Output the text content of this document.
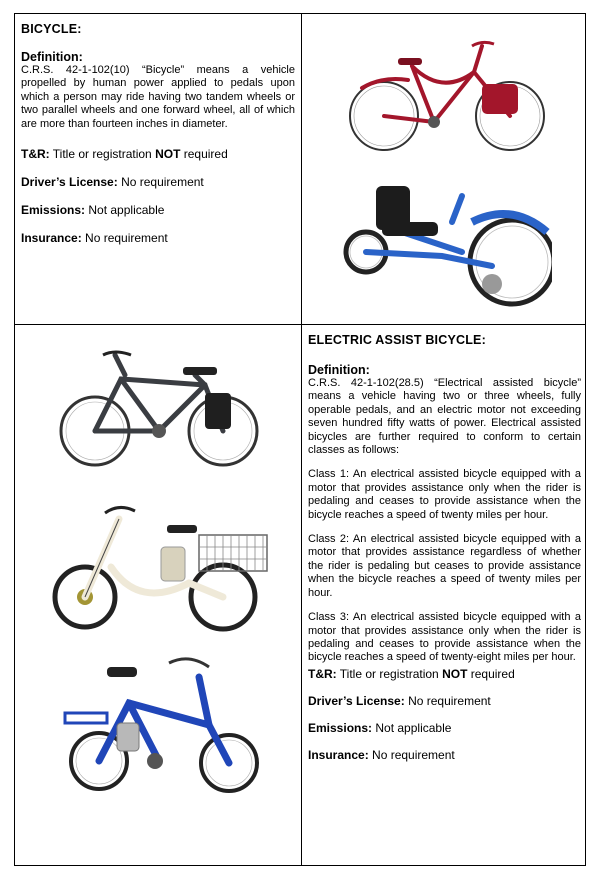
BICYCLE:
Definition:
C.R.S. 42-1-102(10) “Bicycle” means a vehicle propelled by human power applied to pedals upon which a person may ride having two tandem wheels or two parallel wheels and one forward wheel, all of which are more than fourteen inches in diameter.
T&R: Title or registration NOT required
Driver’s License: No requirement
Emissions: Not applicable
Insurance: No requirement
ELECTRIC ASSIST BICYCLE:
Definition:
C.R.S. 42-1-102(28.5) “Electrical assisted bicycle” means a vehicle having two or three wheels, fully operable pedals, and an electric motor not exceeding seven hundred fifty watts of power. Electrical assisted bicycles are further required to conform to certain classes as follows:
Class 1: An electrical assisted bicycle equipped with a motor that provides assistance only when the rider is pedaling and ceases to provide assistance when the bicycle reaches a speed of twenty miles per hour.
Class 2: An electrical assisted bicycle equipped with a motor that provides assistance regardless of whether the rider is pedaling but ceases to provide assistance when the bicycle reaches a speed of twenty miles per hour.
Class 3: An electrical assisted bicycle equipped with a motor that provides assistance only when the rider is pedaling and ceases to provide assistance when the bicycle reaches a speed of twenty-eight miles per hour.
T&R: Title or registration NOT required
Driver’s License: No requirement
Emissions: Not applicable
Insurance: No requirement
